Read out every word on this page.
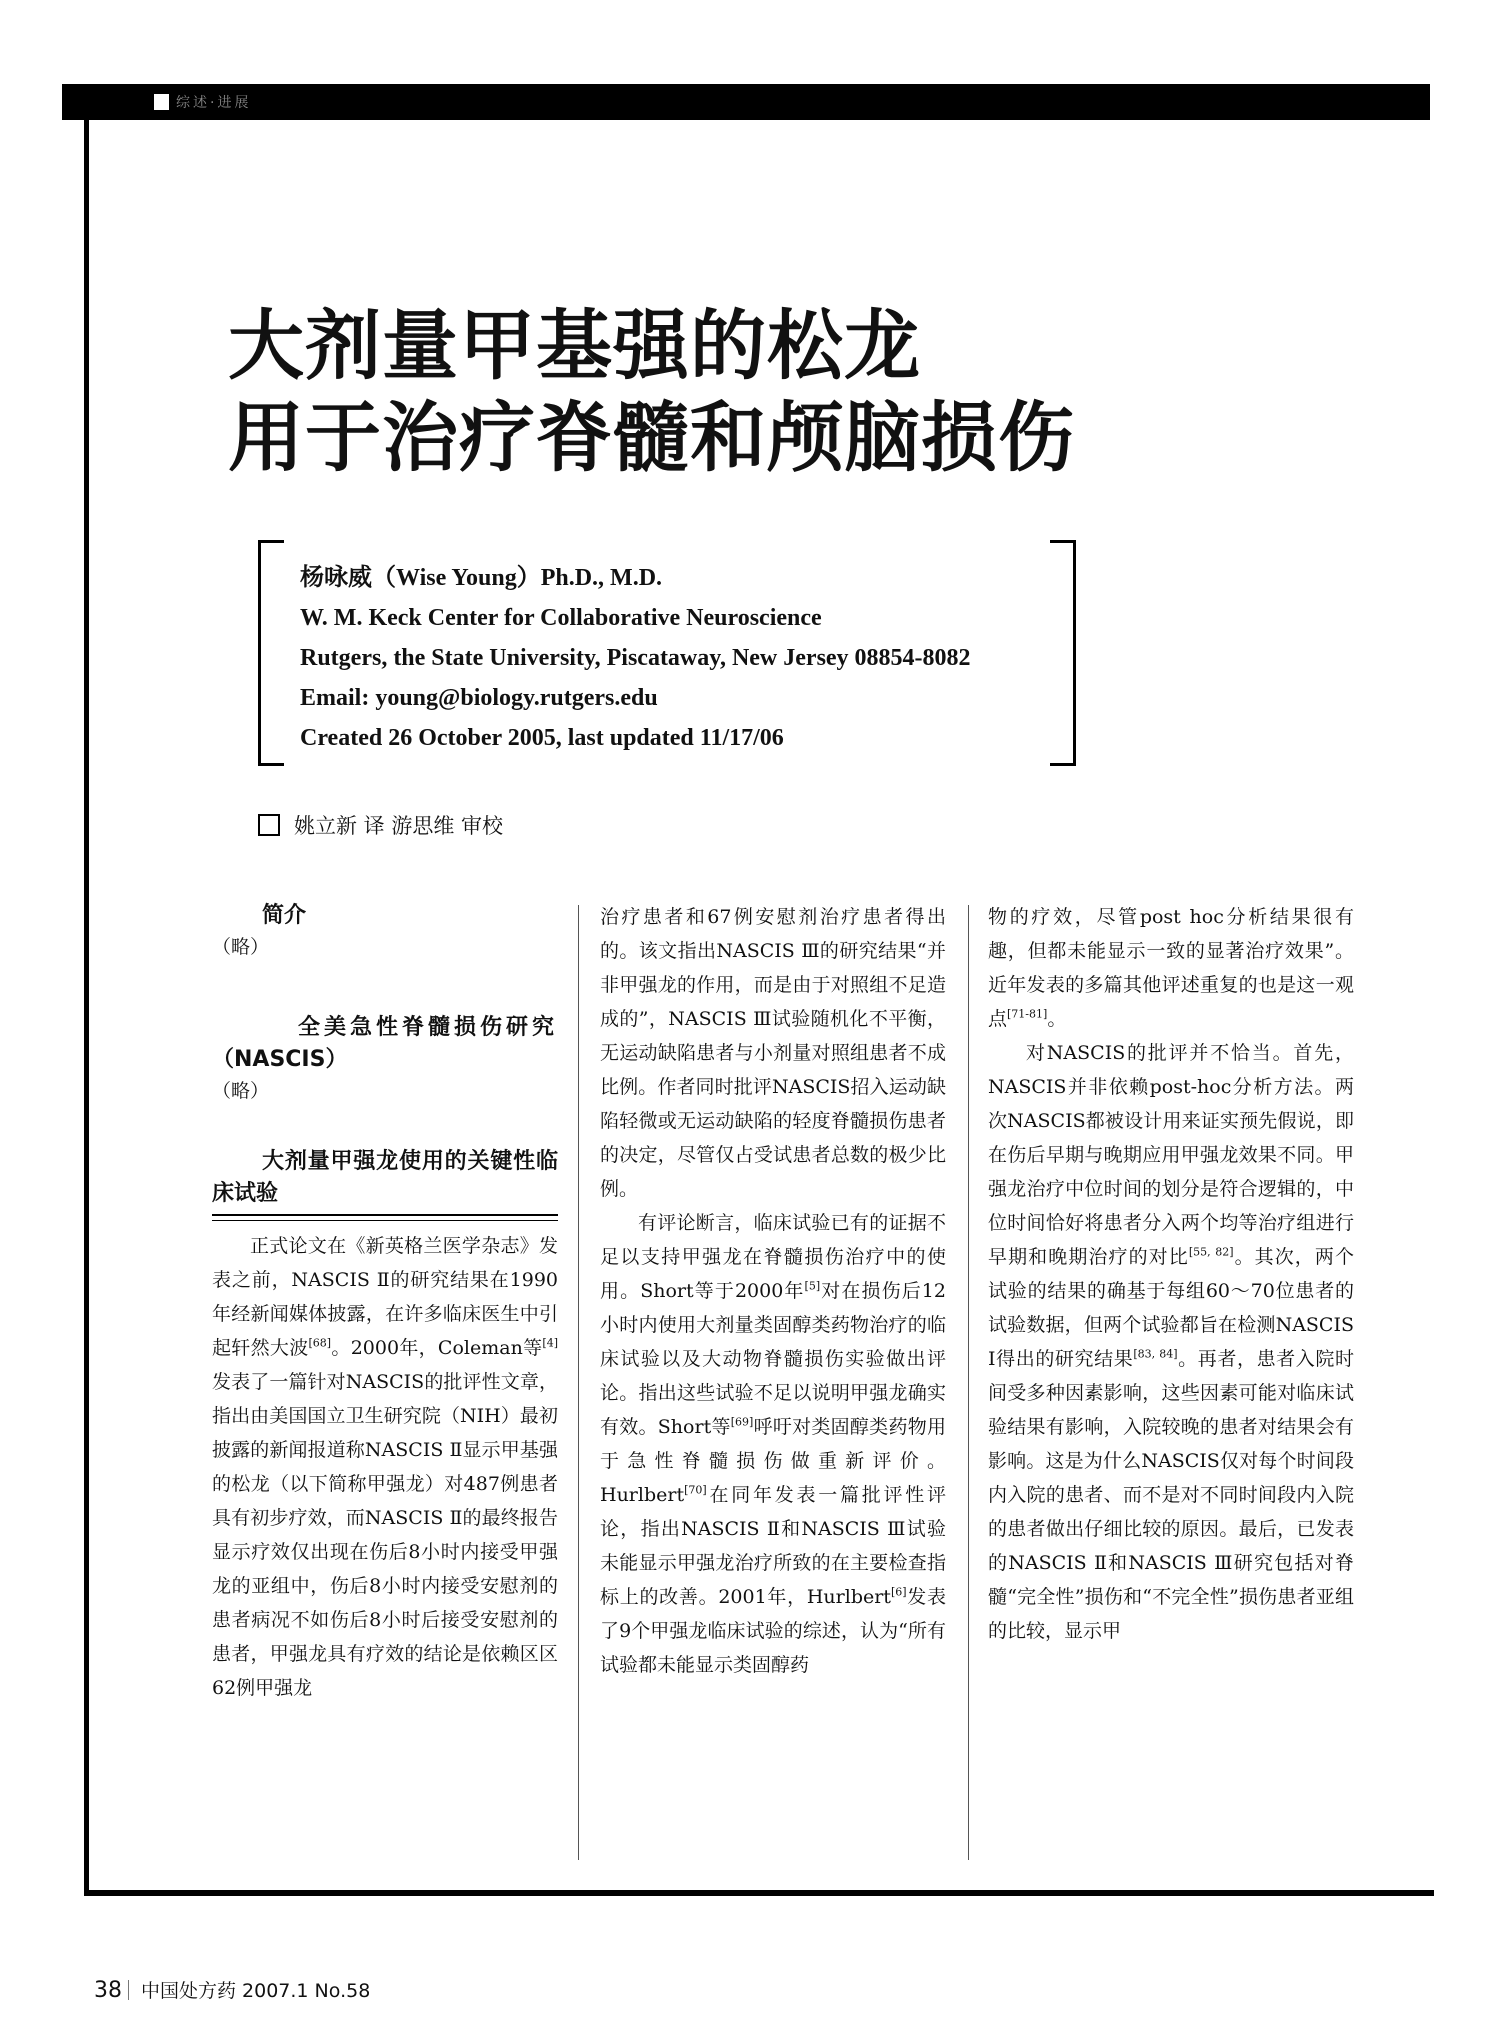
综述·进展
大剂量甲基强的松龙
用于治疗脊髓和颅脑损伤
杨咏威（Wise Young）Ph.D., M.D.
W. M. Keck Center for Collaborative Neuroscience
Rutgers, the State University, Piscataway, New Jersey 08854-8082
Email: young@biology.rutgers.edu
Created 26 October 2005, last updated 11/17/06
姚立新 译 游思维 审校

简介

（略）

全美急性脊髓损伤研究

（NASCIS）

（略）

大剂量甲强龙使用的关键性临床试验

正式论文在《新英格兰医学杂志》发表之前，NASCIS Ⅱ的研究结果在1990年经新闻媒体披露，在许多临床医生中引起轩然大波[68]。2000年，Coleman等[4]发表了一篇针对NASCIS的批评性文章，指出由美国国立卫生研究院（NIH）最初披露的新闻报道称NASCIS Ⅱ显示甲基强的松龙（以下简称甲强龙）对487例患者具有初步疗效，而NASCIS Ⅱ的最终报告显示疗效仅出现在伤后8小时内接受甲强龙的亚组中，伤后8小时内接受安慰剂的患者病况不如伤后8小时后接受安慰剂的患者，甲强龙具有疗效的结论是依赖区区62例甲强龙

治疗患者和67例安慰剂治疗患者得出的。该文指出NASCIS Ⅲ的研究结果“并非甲强龙的作用，而是由于对照组不足造成的”，NASCIS Ⅲ试验随机化不平衡，无运动缺陷患者与小剂量对照组患者不成比例。作者同时批评NASCIS招入运动缺陷轻微或无运动缺陷的轻度脊髓损伤患者的决定，尽管仅占受试患者总数的极少比例。

有评论断言，临床试验已有的证据不足以支持甲强龙在脊髓损伤治疗中的使用。Short等于2000年[5]对在损伤后12小时内使用大剂量类固醇类药物治疗的临床试验以及大动物脊髓损伤实验做出评论。指出这些试验不足以说明甲强龙确实有效。Short等[69]呼吁对类固醇类药物用于急性脊髓损伤做重新评价。Hurlbert[70]在同年发表一篇批评性评论，指出NASCIS Ⅱ和NASCIS Ⅲ试验未能显示甲强龙治疗所致的在主要检查指标上的改善。2001年，Hurlbert[6]发表了9个甲强龙临床试验的综述，认为“所有试验都未能显示类固醇药

物的疗效，尽管post hoc分析结果很有趣，但都未能显示一致的显著治疗效果”。近年发表的多篇其他评述重复的也是这一观点[71-81]。

对NASCIS的批评并不恰当。首先，NASCIS并非依赖post-hoc分析方法。两次NASCIS都被设计用来证实预先假说，即在伤后早期与晚期应用甲强龙效果不同。甲强龙治疗中位时间的划分是符合逻辑的，中位时间恰好将患者分入两个均等治疗组进行早期和晚期治疗的对比[55, 82]。其次，两个试验的结果的确基于每组60～70位患者的试验数据，但两个试验都旨在检测NASCIS Ⅰ得出的研究结果[83, 84]。再者，患者入院时间受多种因素影响，这些因素可能对临床试验结果有影响，入院较晚的患者对结果会有影响。这是为什么NASCIS仅对每个时间段内入院的患者、而不是对不同时间段内入院的患者做出仔细比较的原因。最后，已发表的NASCIS Ⅱ和NASCIS Ⅲ研究包括对脊髓“完全性”损伤和“不完全性”损伤患者亚组的比较，显示甲

38 中国处方药 2007.1 No.58
